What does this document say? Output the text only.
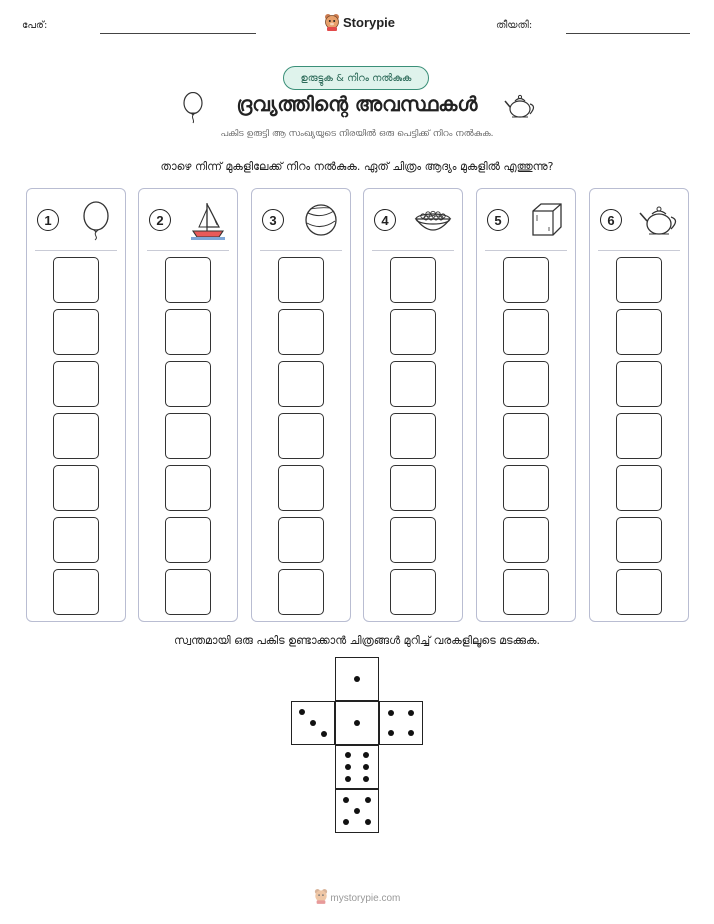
പേര്:	Storypie	തീയതി:
ഉരുട്ടുക & നിറം നൽകുക
ദ്രവ്യത്തിന്റെ അവസ്ഥകൾ
പകിട ഉരുട്ടി ആ സംഖ്യയുടെ നിരയിൽ ഒരു പെട്ടിക്ക് നിറം നൽകുക.
താഴെ നിന്ന് മുകളിലേക്ക് നിറം നൽകുക. ഏത് ചിത്രം ആദ്യം മുകളിൽ എത്തുന്നു?
1	2	3	4	5	6
സ്വന്തമായി ഒരു പകിട ഉണ്ടാക്കാൻ ചിത്രങ്ങൾ മുറിച്ച് വരകളിലൂടെ മടക്കുക.
mystorypie.com
